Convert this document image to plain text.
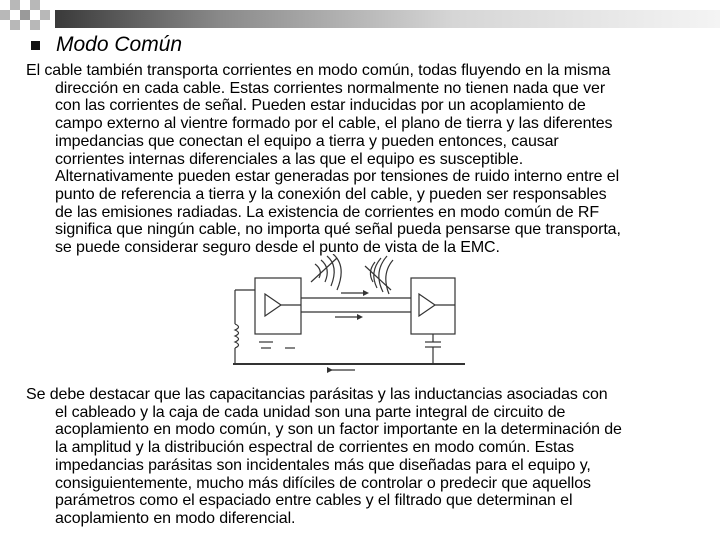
Modo Común
El cable también transporta corrientes en modo común, todas fluyendo en la misma
dirección en cada cable. Estas corrientes normalmente no tienen nada que ver
con las corrientes de señal. Pueden estar inducidas por un acoplamiento de
campo externo al vientre formado por el cable, el plano de tierra y las diferentes
impedancias que conectan el equipo a tierra y pueden entonces, causar
corrientes internas diferenciales a las que el equipo es susceptible.
Alternativamente pueden estar generadas por tensiones de ruido interno entre el
punto de referencia a tierra y la conexión del cable, y pueden ser responsables
de las emisiones radiadas. La existencia de corrientes en modo común de RF
significa que ningún cable, no importa qué señal pueda pensarse que transporta,
se puede considerar seguro desde el punto de vista de la EMC.
Se debe destacar que las capacitancias parásitas y las inductancias asociadas con
el cableado y la caja de cada unidad son una parte integral de circuito de
acoplamiento en modo común, y son un factor importante en la determinación de
la amplitud y la distribución espectral de corrientes en modo común. Estas
impedancias parásitas son incidentales más que diseñadas para el equipo y,
consiguientemente, mucho más difíciles de controlar o predecir que aquellos
parámetros como el espaciado entre cables y el filtrado que determinan el
acoplamiento en modo diferencial.
